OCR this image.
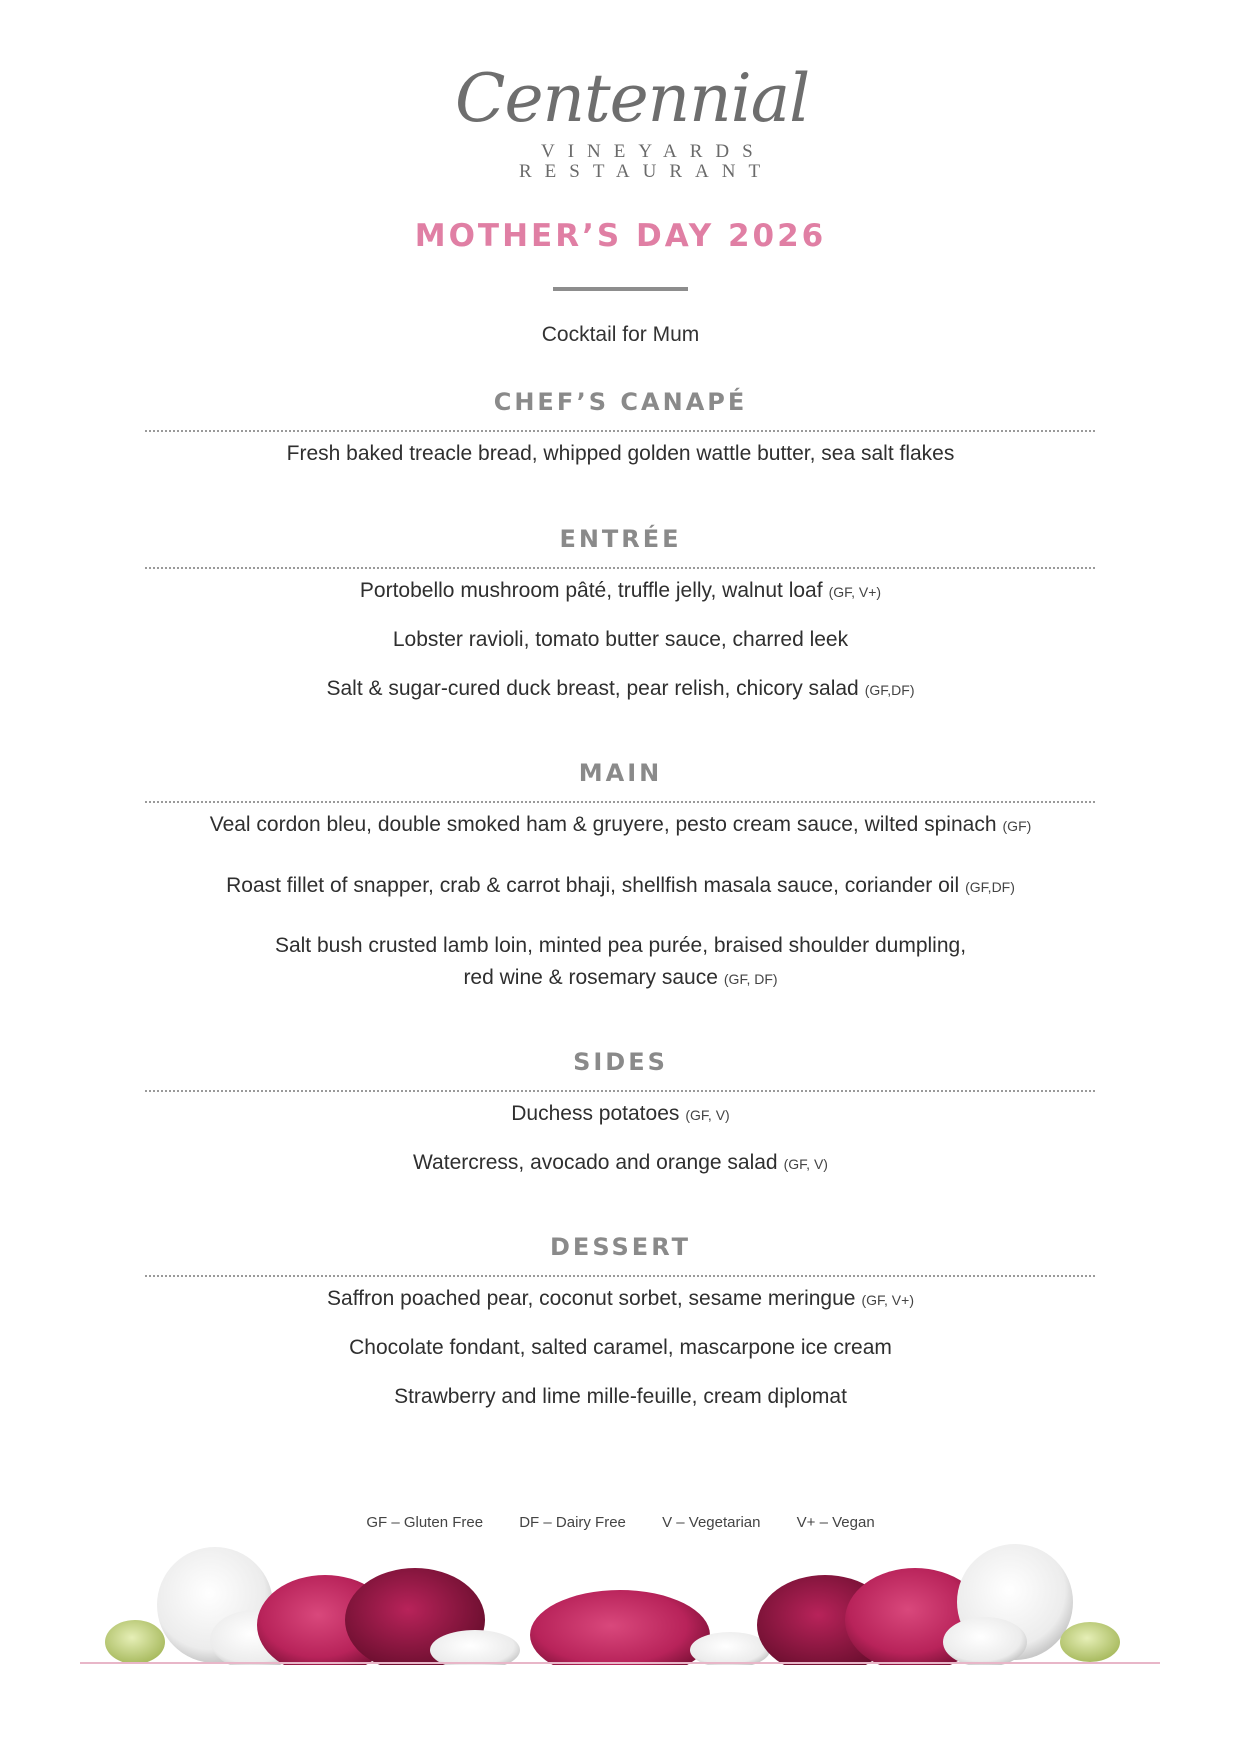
Centennial
VINEYARDS
RESTAURANT
MOTHER’S DAY 2026
Cocktail for Mum
CHEF’S CANAPÉ
Fresh baked treacle bread, whipped golden wattle butter, sea salt flakes
ENTRÉE
Portobello mushroom pâté, truffle jelly, walnut loaf (GF, V+)
Lobster ravioli, tomato butter sauce, charred leek
Salt & sugar-cured duck breast, pear relish, chicory salad (GF,DF)
MAIN
Veal cordon bleu, double smoked ham & gruyere, pesto cream sauce, wilted spinach (GF)
Roast fillet of snapper, crab & carrot bhaji, shellfish masala sauce, coriander oil (GF,DF)
Salt bush crusted lamb loin, minted pea purée, braised shoulder dumpling,
red wine & rosemary sauce (GF, DF)
SIDES
Duchess potatoes (GF, V)
Watercress, avocado and orange salad (GF, V)
DESSERT
Saffron poached pear, coconut sorbet, sesame meringue (GF, V+)
Chocolate fondant, salted caramel, mascarpone ice cream
Strawberry and lime mille-feuille, cream diplomat
GF – Gluten Free DF – Dairy Free V – Vegetarian V+ – Vegan
